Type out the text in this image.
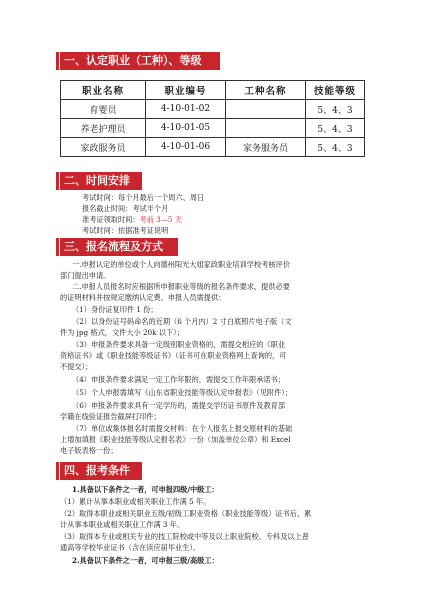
一、认定职业（工种）、等级
职业名称	职业编号	工种名称	技能等级
育婴员	4-10-01-02		5、4、3
养老护理员	4-10-01-05		5、4、3
家政服务员	4-10-01-06	家务服务员	5、4、3
二、时间安排
考试时间：每个月最后一个周六、周日
报名截止时间：考试半个月
准考证领取时间：考前 3—5 天
考试时间：依据准考证说明
三、报名流程及方式
一.申报认定的单位或个人向德州阳光大姐家政职业培训学校考核评价
部门提出申请。
二.申报人员报名时应根据所申报职业等级的报名条件要求，提供必要
的证明材料并按规定缴纳认定费。申报人员需提供：
（1）身份证复印件 1 份；
（2）以身份证号码命名的近期（6 个月内）2 寸白底照片电子版（文
件为 jpg 格式，文件大小 20k 以下）；
（3）申报条件要求具备一定级别职业资格的，需提交相应的《职业
资格证书》或《职业技能等级证书》（证书可在职业资格网上查询的，可
不提交）；
（4）申报条件要求满足一定工作年限的，需提交工作年限承诺书；
（5）个人申报需填写《山东省职业技能等级认定申报表》（见附件）；
（6）申报条件要求具有一定学历的，需提交学历证书原件及教育部
学籍在线验证报告截屏打印件；
（7）单位或集体报名时需提交材料：在个人报名上报交原材料的基础
上增加填报《职业技能等级认定报名表》一份（加盖单位公章）和 Excel
电子版表格一份；
四、报考条件
1.具备以下条件之一者，可申报四级/中级工：
（1）累计从事本职业或相关职业工作满 5 年。
（2）取得本职业或相关职业五级/初级工职业资格（职业技能等级）证书后，累
计从事本职业或相关职业工作满 3 年。
（3）取得本专业或相关专业的技工院校或中等及以上职业院校、专科及以上普
通高等学校毕业证书（含在读应届毕业生）。
2.具备以下条件之一者，可申报三级/高级工：
